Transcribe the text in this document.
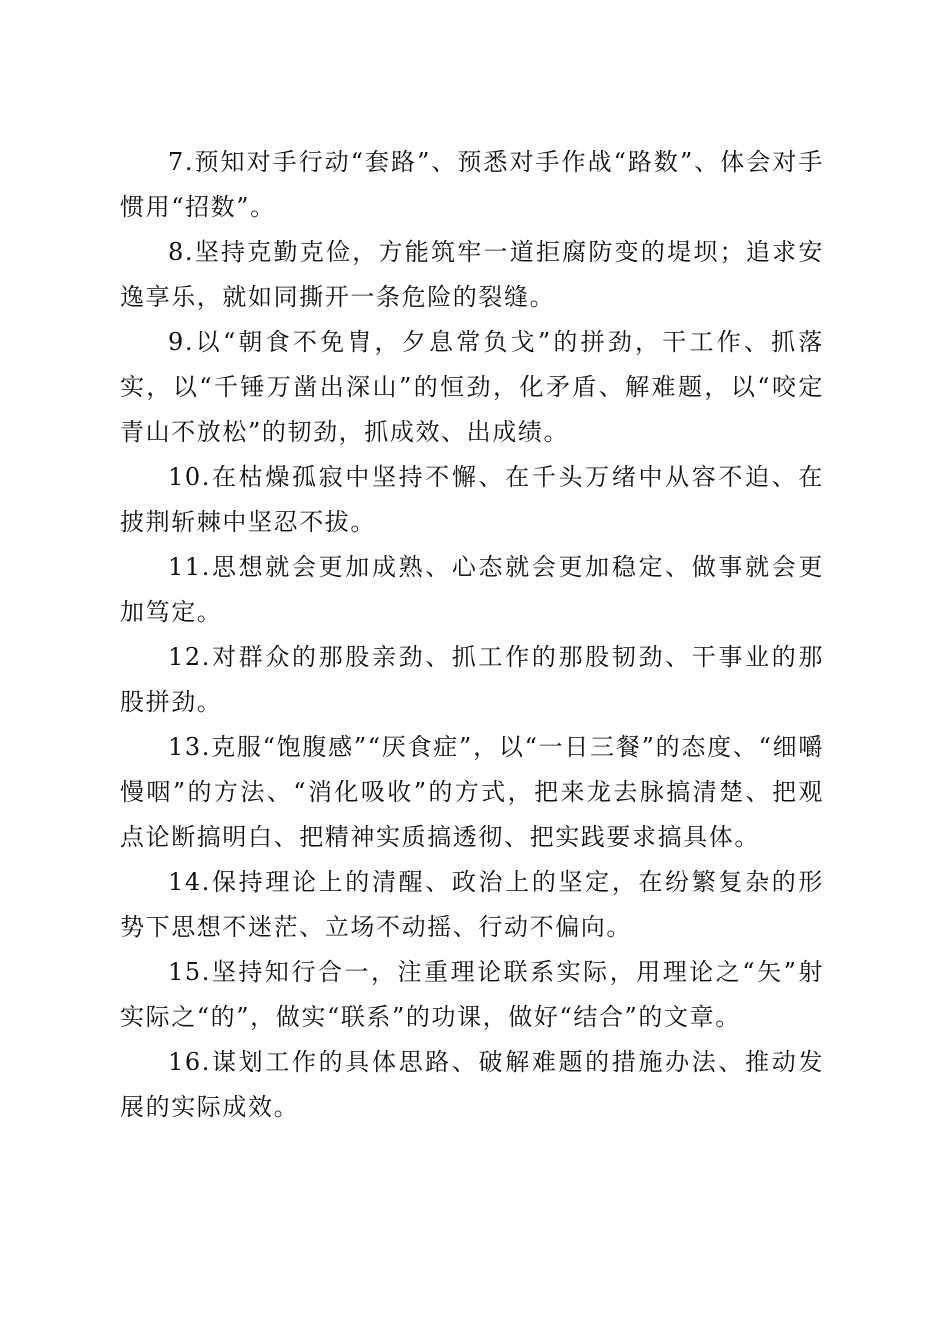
7.预知对手行动“套路”、预悉对手作战“路数”、体会对手惯用“招数”。

8.坚持克勤克俭，方能筑牢一道拒腐防变的堤坝；追求安逸享乐，就如同撕开一条危险的裂缝。

9.以“朝食不免胄，夕息常负戈”的拼劲，干工作、抓落实，以“千锤万凿出深山”的恒劲，化矛盾、解难题，以“咬定青山不放松”的韧劲，抓成效、出成绩。

10.在枯燥孤寂中坚持不懈、在千头万绪中从容不迫、在披荆斩棘中坚忍不拔。

11.思想就会更加成熟、心态就会更加稳定、做事就会更加笃定。

12.对群众的那股亲劲、抓工作的那股韧劲、干事业的那股拼劲。

13.克服“饱腹感”“厌食症”，以“一日三餐”的态度、“细嚼慢咽”的方法、“消化吸收”的方式，把来龙去脉搞清楚、把观点论断搞明白、把精神实质搞透彻、把实践要求搞具体。

14.保持理论上的清醒、政治上的坚定，在纷繁复杂的形势下思想不迷茫、立场不动摇、行动不偏向。

15.坚持知行合一，注重理论联系实际，用理论之“矢”射实际之“的”，做实“联系”的功课，做好“结合”的文章。

16.谋划工作的具体思路、破解难题的措施办法、推动发展的实际成效。
